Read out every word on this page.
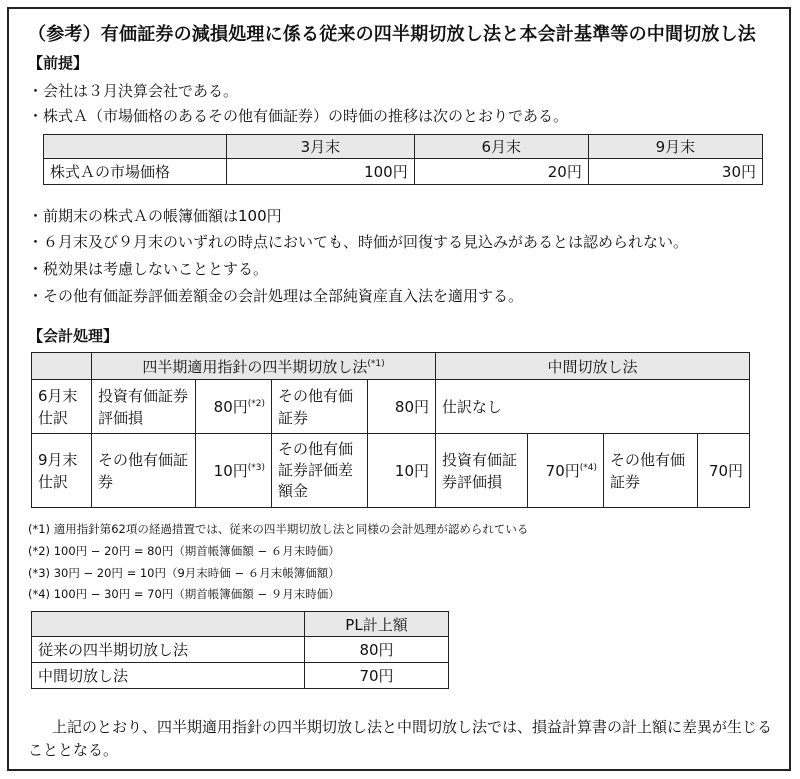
（参考）有価証券の減損処理に係る従来の四半期切放し法と本会計基準等の中間切放し法
【前提】
・会社は３月決算会社である。
・株式Ａ（市場価格のあるその他有価証券）の時価の推移は次のとおりである。
	3月末	6月末	9月末
株式Ａの市場価格	100円	20円	30円
・前期末の株式Ａの帳簿価額は100円
・６月末及び９月末のいずれの時点においても、時価が回復する見込みがあるとは認められない。
・税効果は考慮しないこととする。
・その他有価証券評価差額金の会計処理は全部純資産直入法を適用する。
【会計処理】
	四半期適用指針の四半期切放し法$^{(*1)}$				中間切放し法			
6月末
仕訳	投資有価証券評価損	80円$^{(*2)}$	その他有価証券	80円	仕訳なし			
9月末
仕訳	その他有価証券	10円$^{(*3)}$	その他有価証券評価差額金	10円	投資有価証券評価損	70円$^{(*4)}$	その他有価証券	70円
(*1) 適用指針第62項の経過措置では、従来の四半期切放し法と同様の会計処理が認められている
(*2) 100円 − 20円 = 80円（期首帳簿価額 − ６月末時価）
(*3) 30円 − 20円 = 10円（9月末時価 − ６月末帳簿価額）
(*4) 100円 − 30円 = 70円（期首帳簿価額 − ９月末時価）
	PL計上額
従来の四半期切放し法	80円
中間切放し法	70円
上記のとおり、四半期適用指針の四半期切放し法と中間切放し法では、損益計算書の計上額に差異が生じることとなる。
